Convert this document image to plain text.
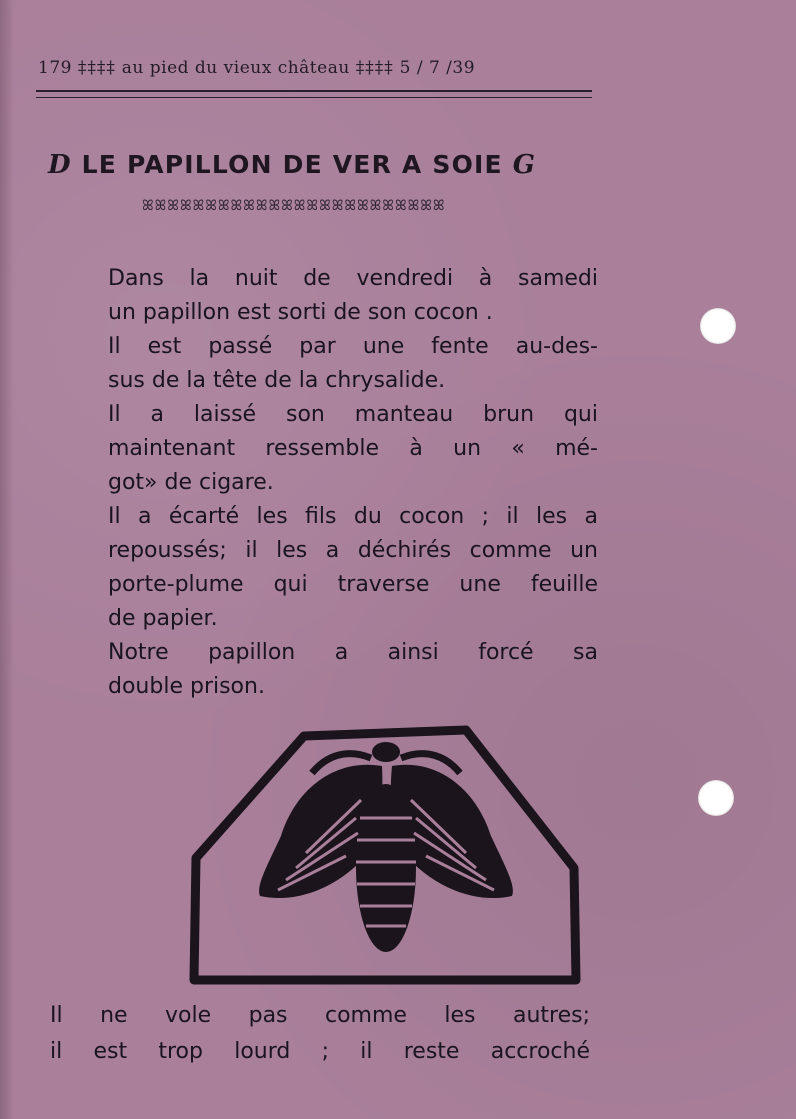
179 ‡‡‡‡ au pied du vieux château ‡‡‡‡ 5 / 7 /39
D LE PAPILLON DE VER A SOIE G
ꕤꕤꕤꕤꕤꕤꕤꕤꕤꕤꕤꕤꕤꕤꕤꕤꕤꕤꕤꕤꕤꕤꕤꕤ

Dans la nuit de vendredi à samedi
un papillon est sorti de son cocon .

Il est passé par une fente au-des-
sus de la tête de la chrysalide.

Il a laissé son manteau brun qui
maintenant ressemble à un « mé-
got» de cigare.

Il a écarté les fils du cocon ; il les a
repoussés; il les a déchirés comme un
porte-plume qui traverse une feuille
de papier.

Notre papillon a ainsi forcé sa
double prison.

Il ne vole pas comme les autres;
il est trop lourd ; il reste accroché
